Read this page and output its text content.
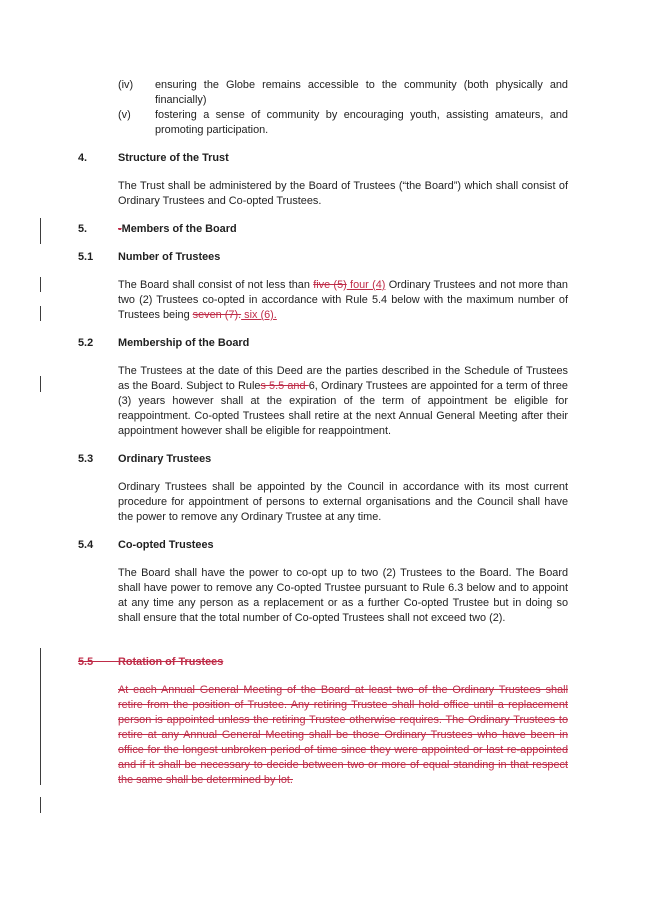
(iv)	ensuring the Globe remains accessible to the community (both physically and financially)
(v)	fostering a sense of community by encouraging youth, assisting amateurs, and promoting participation.
4.	Structure of the Trust

The Trust shall be administered by the Board of Trustees (“the Board”) which shall consist of Ordinary Trustees and Co-opted Trustees.

5.	-Members of the Board
5.1 Number of Trustees

The Board shall consist of not less than five (5) four (4) Ordinary Trustees and not more than two (2) Trustees co-opted in accordance with Rule 5.4 below with the maximum number of Trustees being seven (7). six (6).

5.2 Membership of the Board

The Trustees at the date of this Deed are the parties described in the Schedule of Trustees as the Board. Subject to Rules 5.5 and 6, Ordinary Trustees are appointed for a term of three (3) years however shall at the expiration of the term of appointment be eligible for reappointment. Co-opted Trustees shall retire at the next Annual General Meeting after their appointment however shall be eligible for reappointment.

5.3 Ordinary Trustees

Ordinary Trustees shall be appointed by the Council in accordance with its most current procedure for appointment of persons to external organisations and the Council shall have the power to remove any Ordinary Trustee at any time.

5.4 Co-opted Trustees

The Board shall have the power to co-opt up to two (2) Trustees to the Board. The Board shall have power to remove any Co-opted Trustee pursuant to Rule 6.3 below and to appoint at any time any person as a replacement or as a further Co-opted Trustee but in doing so shall ensure that the total number of Co-opted Trustees shall not exceed two (2).

5.5 Rotation of Trustees

At each Annual General Meeting of the Board at least two of the Ordinary Trustees shall retire from the position of Trustee. Any retiring Trustee shall hold office until a replacement person is appointed unless the retiring Trustee otherwise requires. The Ordinary Trustees to retire at any Annual General Meeting shall be those Ordinary Trustees who have been in office for the longest unbroken period of time since they were appointed or last re-appointed and if it shall be necessary to decide between two or more of equal standing in that respect the same shall be determined by lot.
